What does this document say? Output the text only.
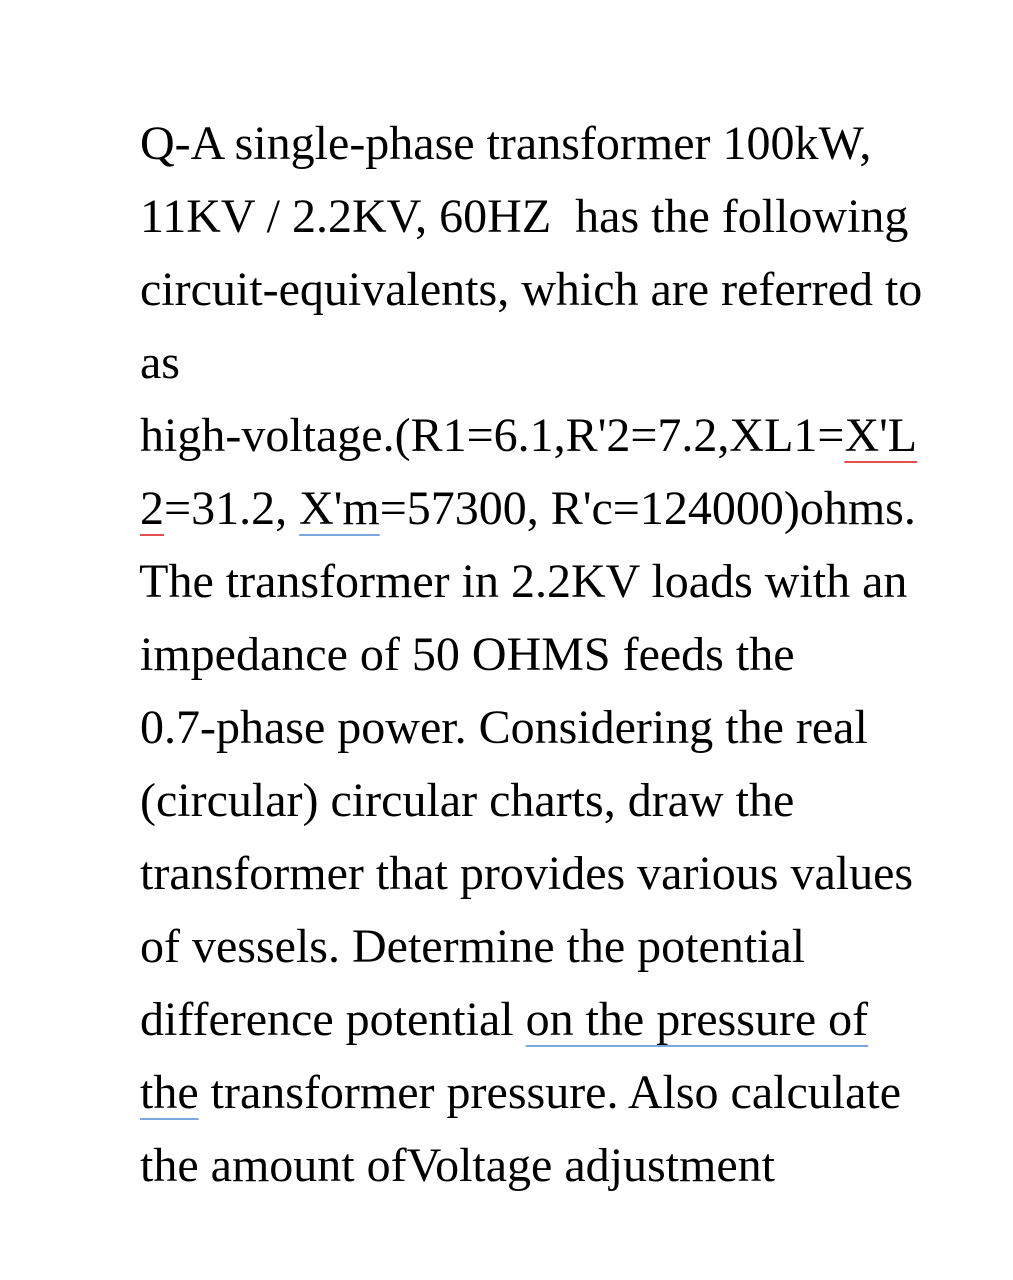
Q-A single-phase transformer 100kW,

11KV / 2.2KV, 60HZ  has the following

circuit-equivalents, which are referred to

as

high-voltage.(R1=6.1,R'2=7.2,XL1=X'L

2=31.2, X'm=57300, R'c=124000)ohms.

The transformer in 2.2KV loads with an

impedance of 50 OHMS feeds the

0.7-phase power. Considering the real

(circular) circular charts, draw the

transformer that provides various values

of vessels. Determine the potential

difference potential on the pressure of

the transformer pressure. Also calculate

the amount ofVoltage adjustment
